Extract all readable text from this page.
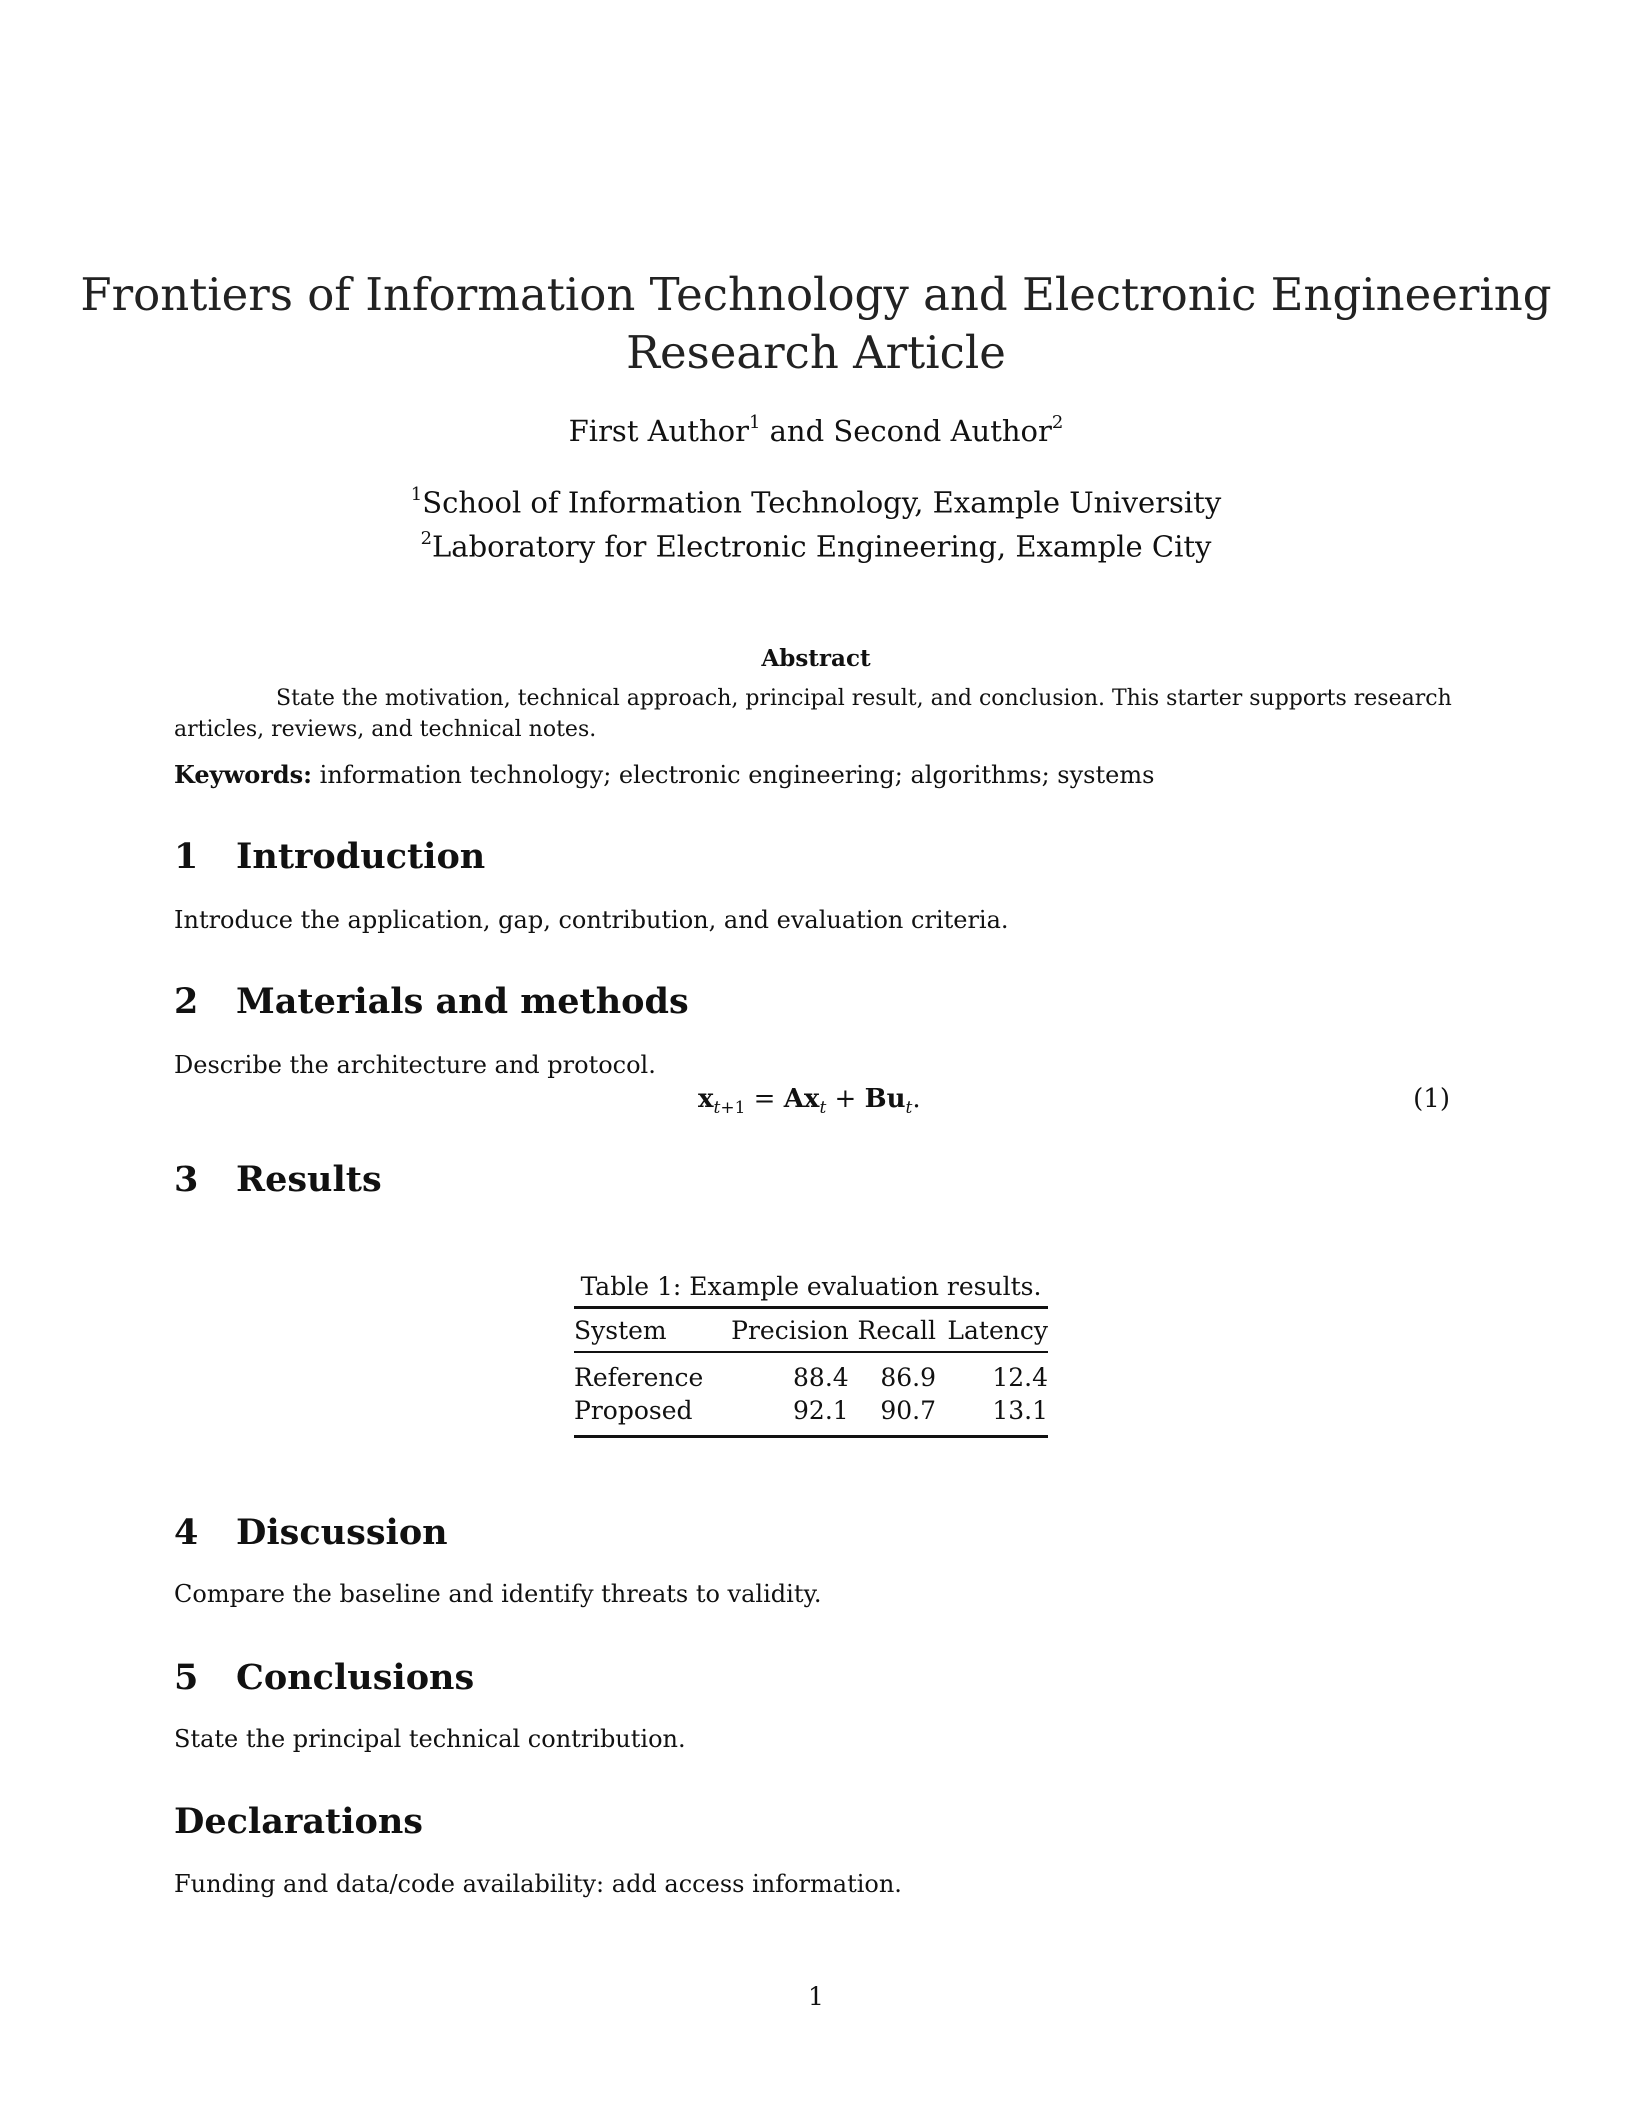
Frontiers of Information Technology and Electronic Engineering
Research Article
First Author$^1$ and Second Author$^2$
$^1$School of Information Technology, Example University
$^2$Laboratory for Electronic Engineering, Example City
Abstract
State the motivation, technical approach, principal result, and conclusion. This starter supports research articles, reviews, and technical notes.
Keywords: information technology; electronic engineering; algorithms; systems
1 Introduction
Introduce the application, gap, contribution, and evaluation criteria.
2 Materials and methods
Describe the architecture and protocol.
$x_{t+1} = Ax_t + Bu_t$.	(1)
3 Results
Table 1: Example evaluation results.
System	Precision	Recall	Latency
Reference	88.4	86.9	12.4
Proposed	92.1	90.7	13.1
4 Discussion
Compare the baseline and identify threats to validity.
5 Conclusions
State the principal technical contribution.
Declarations
Funding and data/code availability: add access information.
1
